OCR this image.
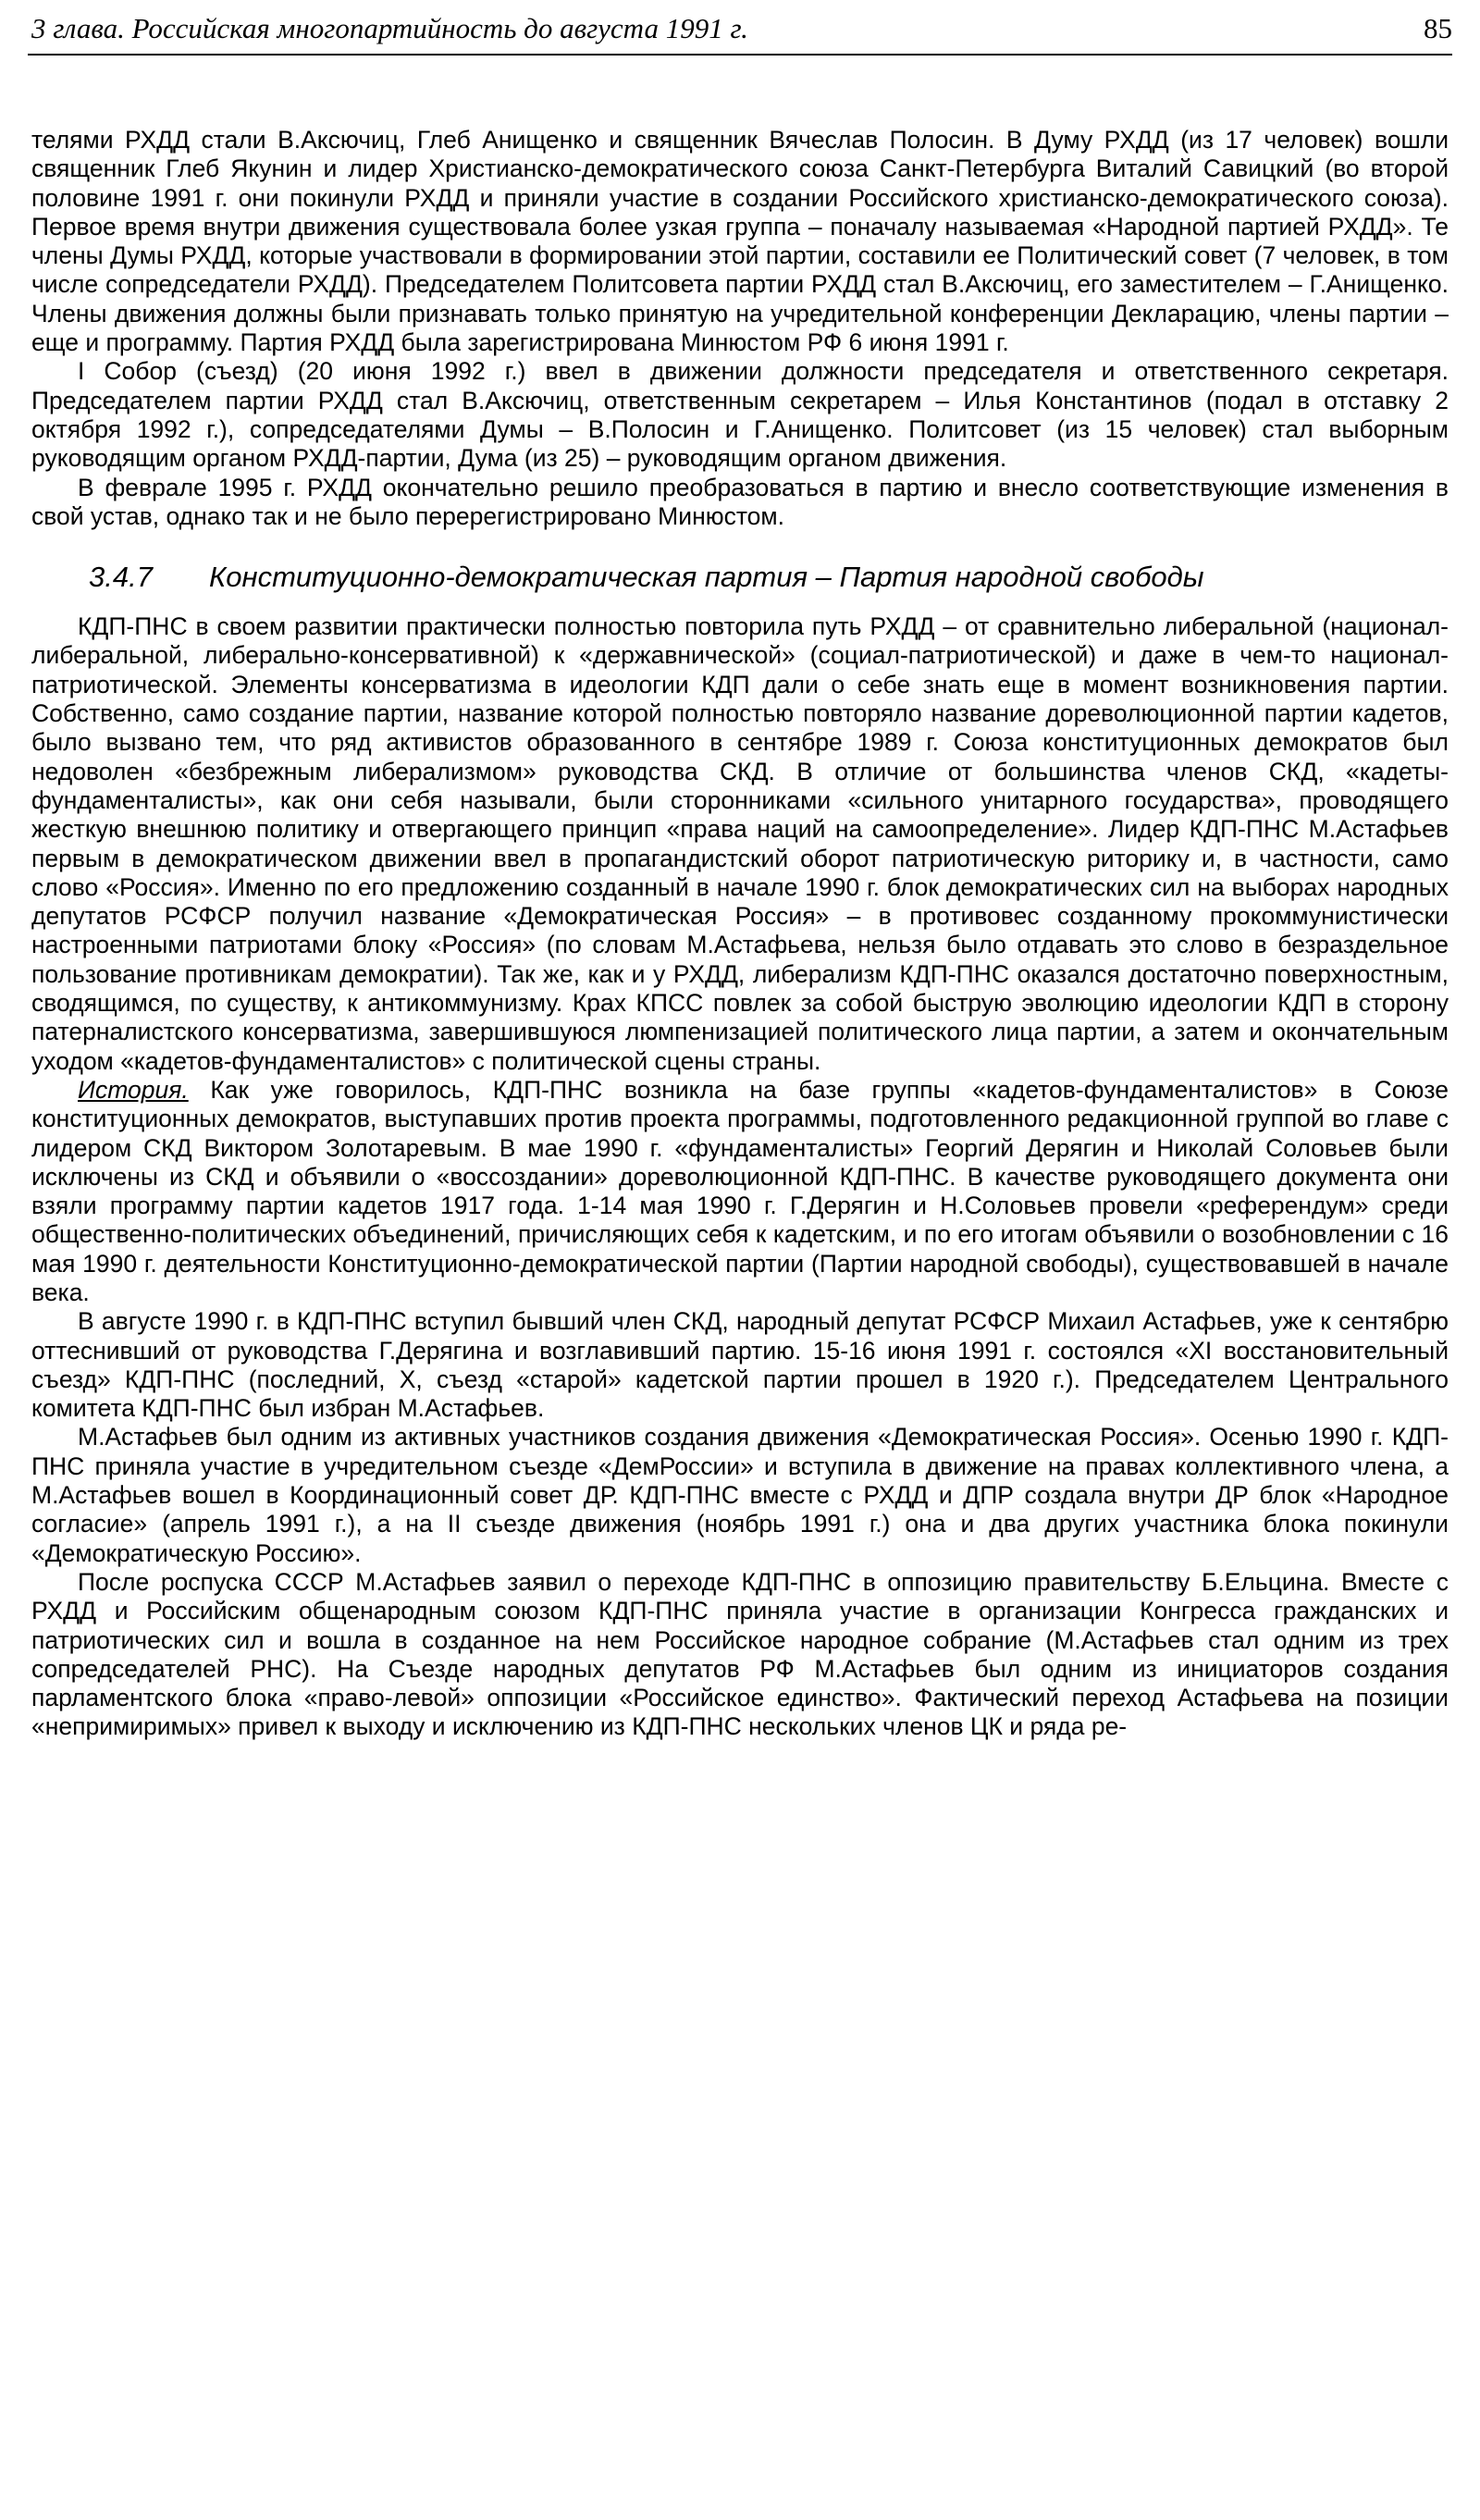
3 глава. Российская многопартийность до августа 1991 г.	85

телями РХДД стали В.Аксючиц, Глеб Анищенко и священник Вячеслав Полосин. В Думу РХДД (из 17 человек) вошли священник Глеб Якунин и лидер Христианско-демократического союза Санкт-Петербурга Виталий Савицкий (во второй половине 1991 г. они покинули РХДД и приняли участие в создании Российского христианско-демократического союза). Первое время внутри движения существовала более узкая группа – поначалу называемая «Народной партией РХДД». Те члены Думы РХДД, которые участвовали в формировании этой партии, составили ее Политический совет (7 человек, в том числе сопредседатели РХДД). Председателем Политсовета партии РХДД стал В.Аксючиц, его заместителем – Г.Анищенко. Члены движения должны были признавать только принятую на учредительной конференции Декларацию, члены партии – еще и программу. Партия РХДД была зарегистрирована Минюстом РФ 6 июня 1991 г.

I Собор (съезд) (20 июня 1992 г.) ввел в движении должности председателя и ответственного секретаря. Председателем партии РХДД стал В.Аксючиц, ответственным секретарем – Илья Константинов (подал в отставку 2 октября 1992 г.), сопредседателями Думы – В.Полосин и Г.Анищенко. Политсовет (из 15 человек) стал выборным руководящим органом РХДД-партии, Дума (из 25) – руководящим органом движения.

В феврале 1995 г. РХДД окончательно решило преобразоваться в партию и внесло соответствующие изменения в свой устав, однако так и не было перерегистрировано Минюстом.

3.4.7 Конституционно-демократическая партия – Партия народной свободы

КДП-ПНС в своем развитии практически полностью повторила путь РХДД – от сравнительно либеральной (национал-либеральной, либерально-консервативной) к «державнической» (социал-патриотической) и даже в чем-то национал-патриотической. Элементы консерватизма в идеологии КДП дали о себе знать еще в момент возникновения партии. Собственно, само создание партии, название которой полностью повторяло название дореволюционной партии кадетов, было вызвано тем, что ряд активистов образованного в сентябре 1989 г. Союза конституционных демократов был недоволен «безбрежным либерализмом» руководства СКД. В отличие от большинства членов СКД, «кадеты-фундаменталисты», как они себя называли, были сторонниками «сильного унитарного государства», проводящего жесткую внешнюю политику и отвергающего принцип «права наций на самоопределение». Лидер КДП-ПНС М.Астафьев первым в демократическом движении ввел в пропагандистский оборот патриотическую риторику и, в частности, само слово «Россия». Именно по его предложению созданный в начале 1990 г. блок демократических сил на выборах народных депутатов РСФСР получил название «Демократическая Россия» – в противовес созданному прокоммунистически настроенными патриотами блоку «Россия» (по словам М.Астафьева, нельзя было отдавать это слово в безраздельное пользование противникам демократии). Так же, как и у РХДД, либерализм КДП-ПНС оказался достаточно поверхностным, сводящимся, по существу, к антикоммунизму. Крах КПСС повлек за собой быструю эволюцию идеологии КДП в сторону патерналистского консерватизма, завершившуюся люмпенизацией политического лица партии, а затем и окончательным уходом «кадетов-фундаменталистов» с политической сцены страны.

История. Как уже говорилось, КДП-ПНС возникла на базе группы «кадетов-фундаменталистов» в Союзе конституционных демократов, выступавших против проекта программы, подготовленного редакционной группой во главе с лидером СКД Виктором Золотаревым. В мае 1990 г. «фундаменталисты» Георгий Дерягин и Николай Соловьев были исключены из СКД и объявили о «воссоздании» дореволюционной КДП-ПНС. В качестве руководящего документа они взяли программу партии кадетов 1917 года. 1-14 мая 1990 г. Г.Дерягин и Н.Соловьев провели «референдум» среди общественно-политических объединений, причисляющих себя к кадетским, и по его итогам объявили о возобновлении с 16 мая 1990 г. деятельности Конституционно-демократической партии (Партии народной свободы), существовавшей в начале века.

В августе 1990 г. в КДП-ПНС вступил бывший член СКД, народный депутат РСФСР Михаил Астафьев, уже к сентябрю оттеснивший от руководства Г.Дерягина и возглавивший партию. 15-16 июня 1991 г. состоялся «XI восстановительный съезд» КДП-ПНС (последний, X, съезд «старой» кадетской партии прошел в 1920 г.). Председателем Центрального комитета КДП-ПНС был избран М.Астафьев.

М.Астафьев был одним из активных участников создания движения «Демократическая Россия». Осенью 1990 г. КДП-ПНС приняла участие в учредительном съезде «ДемРоссии» и вступила в движение на правах коллективного члена, а М.Астафьев вошел в Координационный совет ДР. КДП-ПНС вместе с РХДД и ДПР создала внутри ДР блок «Народное согласие» (апрель 1991 г.), а на II съезде движения (ноябрь 1991 г.) она и два других участника блока покинули «Демократическую Россию».

После роспуска СССР М.Астафьев заявил о переходе КДП-ПНС в оппозицию правительству Б.Ельцина. Вместе с РХДД и Российским общенародным союзом КДП-ПНС приняла участие в организации Конгресса гражданских и патриотических сил и вошла в созданное на нем Российское народное собрание (М.Астафьев стал одним из трех сопредседателей РНС). На Съезде народных депутатов РФ М.Астафьев был одним из инициаторов создания парламентского блока «право-левой» оппозиции «Российское единство». Фактический переход Астафьева на позиции «непримиримых» привел к выходу и исключению из КДП-ПНС нескольких членов ЦК и ряда ре-
